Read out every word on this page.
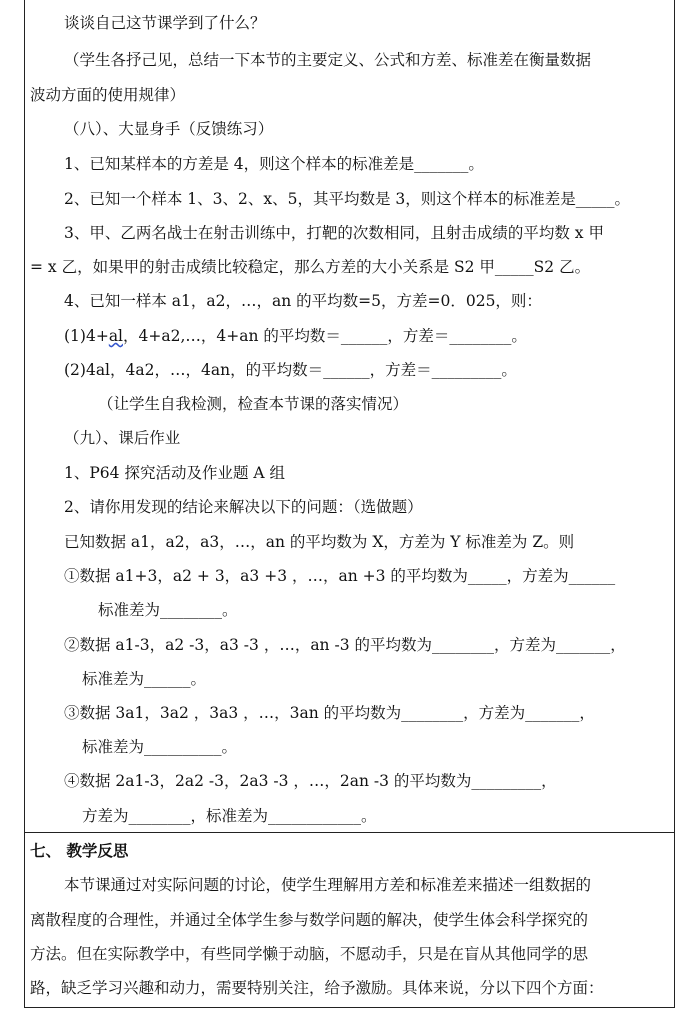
谈谈自己这节课学到了什么？
（学生各抒己见，总结一下本节的主要定义、公式和方差、标准差在衡量数据
波动方面的使用规律）
（八）、大显身手（反馈练习）
1、已知某样本的方差是 4，则这个样本的标准差是_______。
2、已知一个样本 1、3、2、x、5，其平均数是 3，则这个样本的标准差是_____。
3、甲、乙两名战士在射击训练中，打靶的次数相同，且射击成绩的平均数 x 甲
= x 乙，如果甲的射击成绩比较稳定，那么方差的大小关系是 S2 甲_____S2 乙。
4、已知一样本 a1，a2，…，an 的平均数=5，方差=0．025，则：
(1)4+al，4+a2,…，4+an 的平均数＝______，方差＝________。
(2)4al，4a2，…，4an，的平均数＝______，方差＝_________。
（让学生自我检测，检查本节课的落实情况）
（九）、课后作业
1、P64 探究活动及作业题 A 组
2、请你用发现的结论来解决以下的问题：（选做题）
已知数据 a1，a2，a3，…，an 的平均数为 X，方差为 Y 标准差为 Z。则
①数据 a1+3，a2 + 3，a3 +3 ，…，an +3 的平均数为_____，方差为______
标准差为________。
②数据 a1-3，a2 -3，a3 -3 ，…，an -3 的平均数为________，方差为_______，
标准差为______。
③数据 3a1，3a2 ，3a3 ，…，3an 的平均数为________，方差为_______，
标准差为__________。
④数据 2a1-3，2a2 -3，2a3 -3 ，…，2an -3 的平均数为_________，
方差为________，标准差为____________。
七、 教学反思
本节课通过对实际问题的讨论，使学生理解用方差和标准差来描述一组数据的
离散程度的合理性，并通过全体学生参与数学问题的解决，使学生体会科学探究的
方法。但在实际教学中，有些同学懒于动脑，不愿动手，只是在盲从其他同学的思
路，缺乏学习兴趣和动力，需要特别关注，给予激励。具体来说，分以下四个方面：
